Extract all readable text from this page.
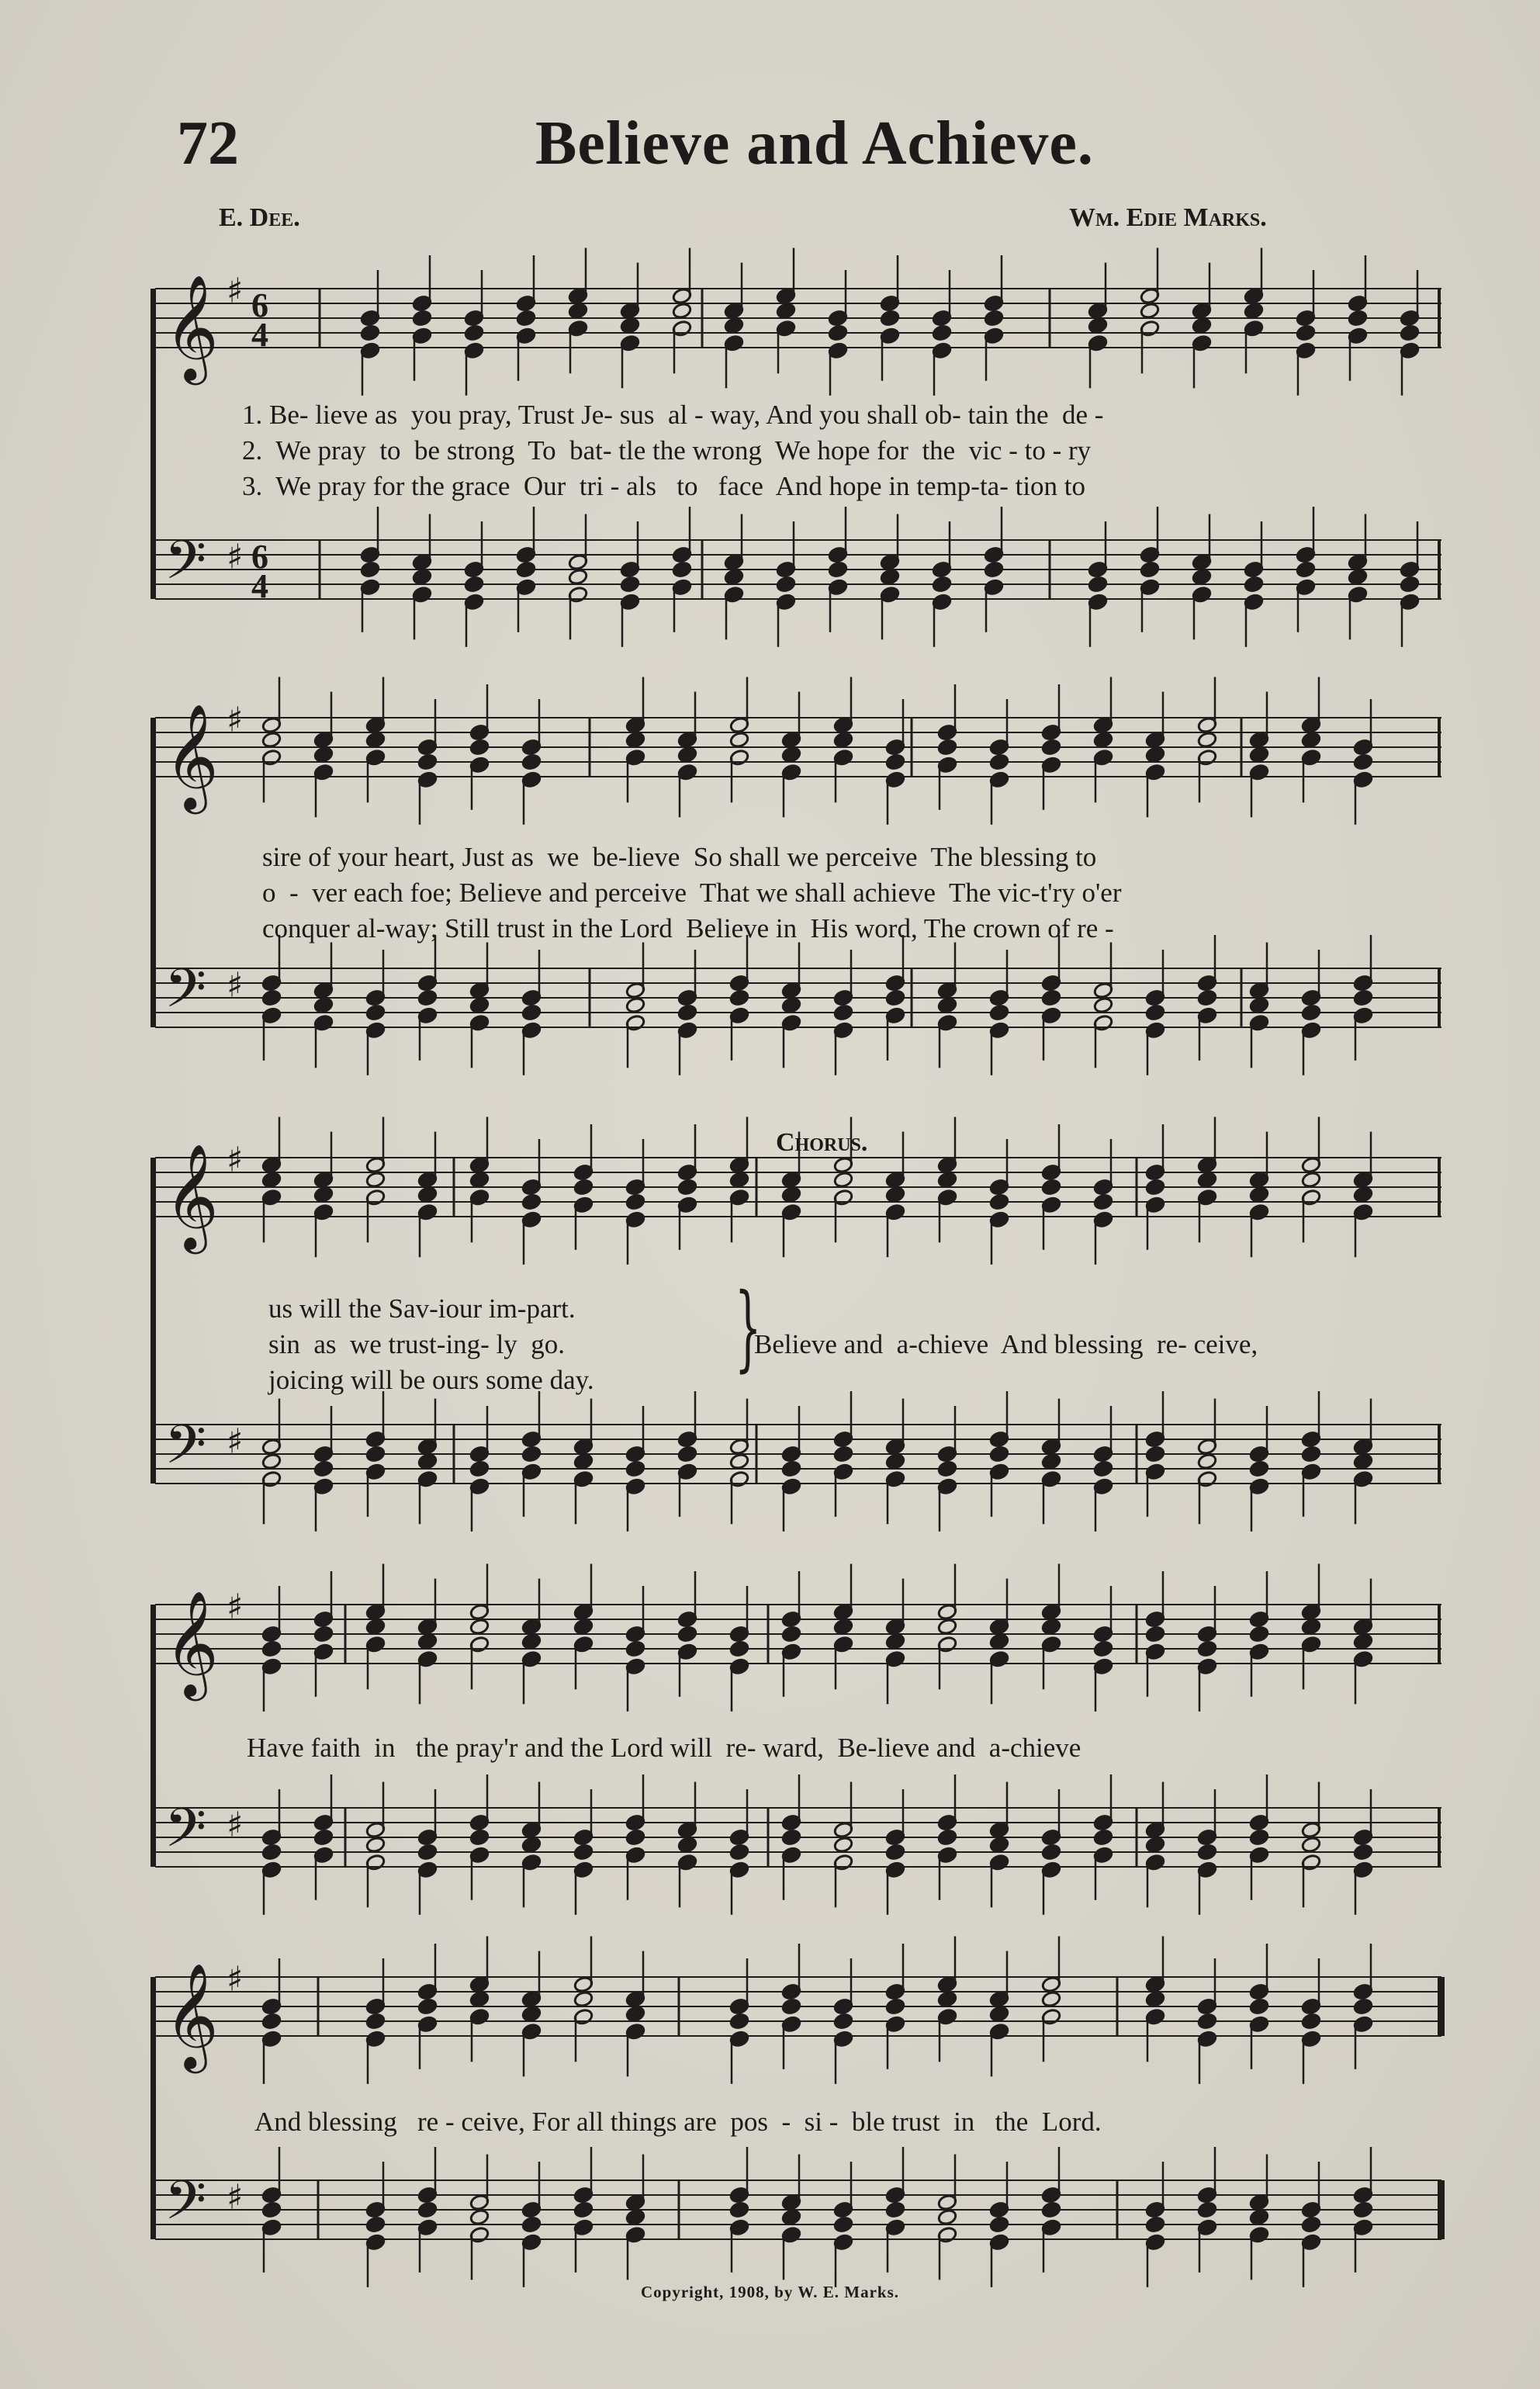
72	Believe and Achieve.
E. Dee.	Wm. Edie Marks.
1. Be- lieve as  you pray, Trust Je- sus  al - way, And you shall ob- tain the  de -
2.  We pray  to  be strong  To  bat- tle the wrong  We hope for  the  vic - to - ry
3.  We pray for the grace  Our  tri - als   to   face  And hope in temp-ta- tion to
sire of your heart, Just as  we  be-lieve  So shall we perceive  The blessing to
o  -  ver each foe; Believe and perceive  That we shall achieve  The vic-t'ry o'er
conquer al-way; Still trust in the Lord  Believe in  His word, The crown of re -
Chorus.
us will the Sav-iour im-part.
sin  as  we trust-ing- ly  go.
joicing will be ours some day. }
Believe and  a-chieve  And blessing  re- ceive,
Have faith  in   the pray'r and the Lord will  re- ward,  Be-lieve and  a-chieve
And blessing   re - ceive, For all things are  pos  -  si -  ble trust  in   the  Lord.
Copyright, 1908, by W. E. Marks.
𝄞 ♯ 6
4
𝄢 ♯ 6
4
𝄞 ♯
𝄢 ♯
𝄞 ♯
𝄢 ♯
𝄞 ♯
𝄢 ♯
𝄞 ♯
𝄢 ♯
